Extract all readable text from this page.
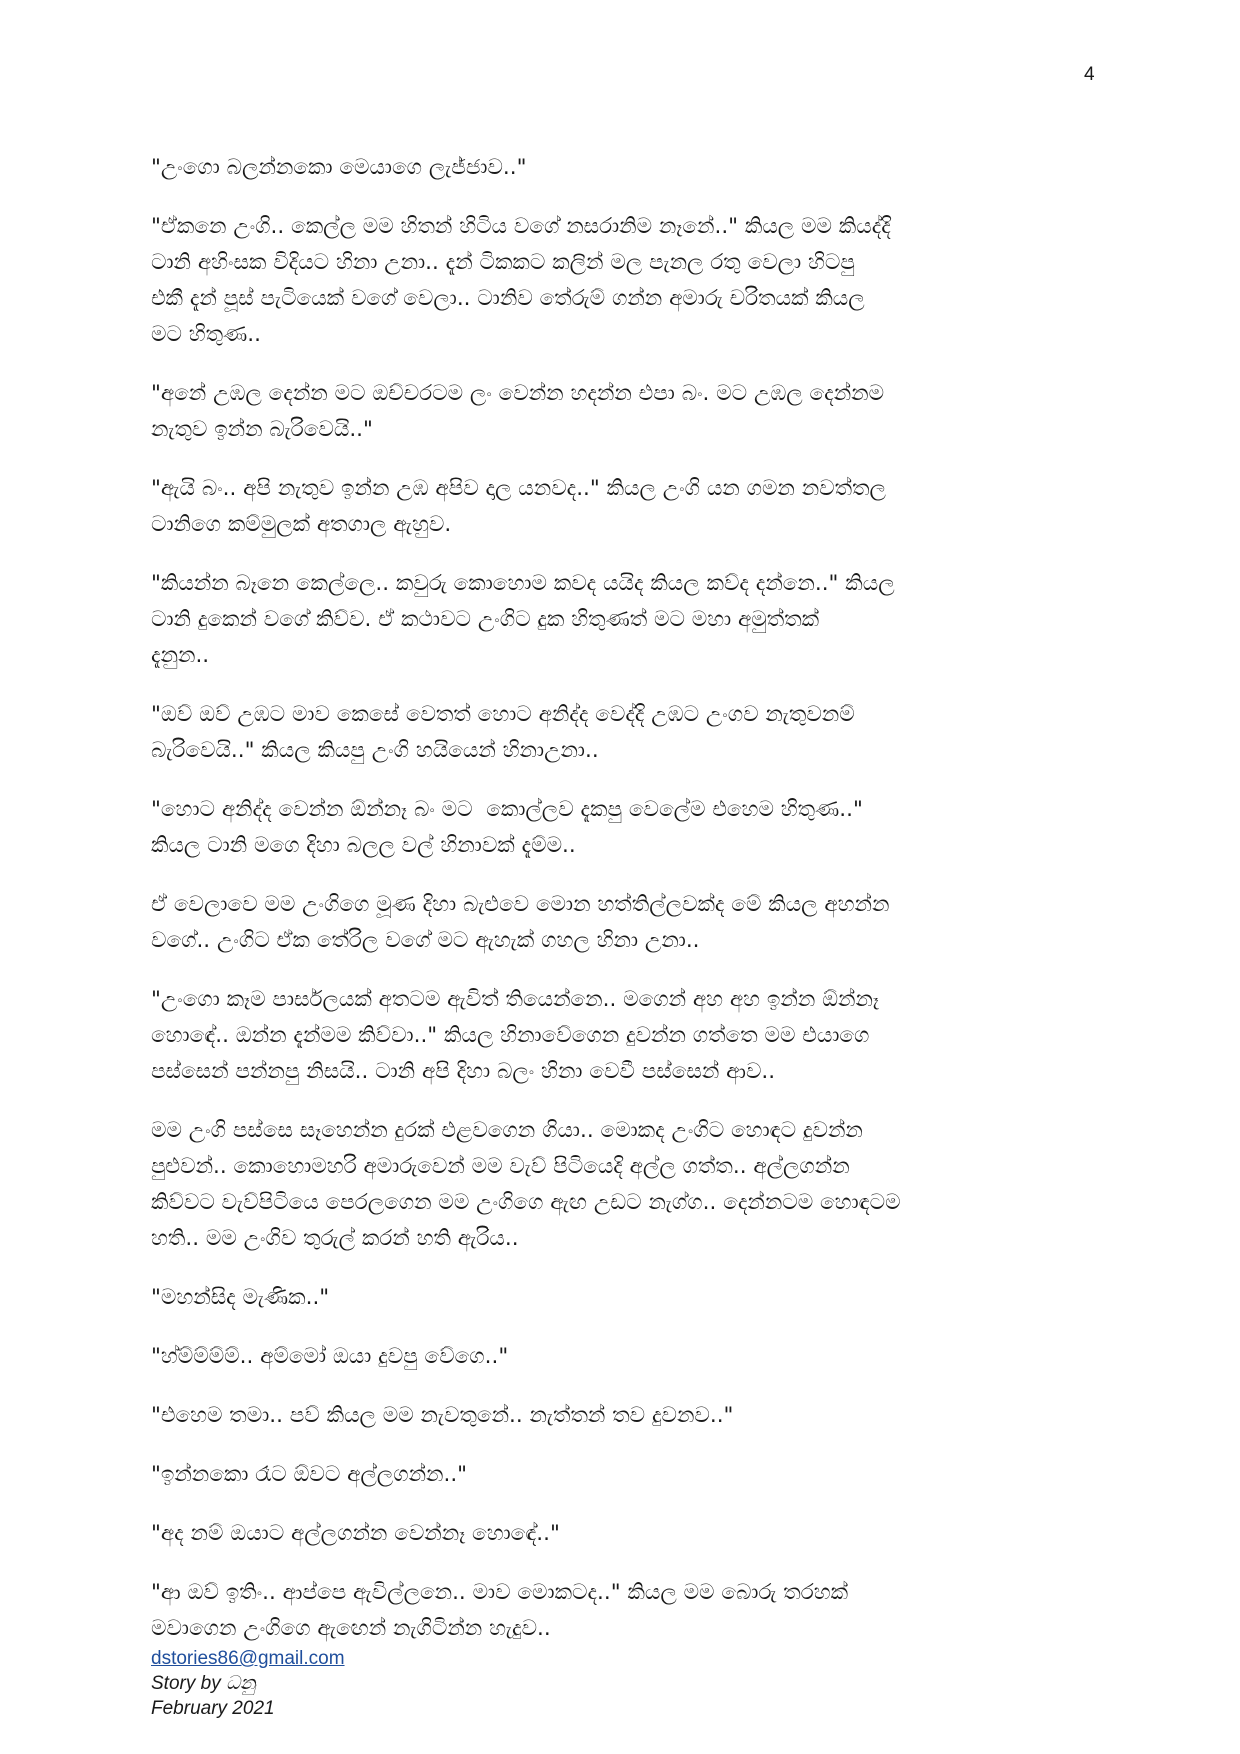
4

"උංගො බලන්නකො මෙයාගෙ ලැජ්ජාව.."

"ඒකනෙ උංගි.. කෙල්ල මම හිතන් හිටිය වගේ නසරානිම නෑනේ.." කියල මම කියද්දි
ටානි අහිංසක විදියට හිනා උනා.. දැන් ටිකකට කලින් මල පැනල රතු වෙලා හිටපු
එකී දැන් පූස් පැටියෙක් වගේ වෙලා.. ටානිව තේරුම් ගන්න අමාරු චරිතයක් කියල
මට හිතුණ..

"අනේ උඹල දෙන්න මට ඔච්චරටම ලං වෙන්න හදන්න එපා බං. මට උඹල දෙන්නම
නැතුව ඉන්න බැරිවෙයි.."

"ඇයි බං.. අපි නැතුව ඉන්න උඹ අපිව දාල යනවද.." කියල උංගි යන ගමන නවත්තල
ටානිගෙ කම්මුලක් අතගාල ඇහුව.

"කියන්න බෑනෙ කෙල්ලෙ.. කවුරු කොහොම කවද යයිද කියල කව්ද දන්නෙ.." කියල
ටානි දුකෙන් වගේ කිව්ව. ඒ කථාවට උංගිට දුක හිතුණත් මට මහා අමුත්තක්
දැනුන..

"ඔව් ඔව් උඹට මාව කෙසේ වෙතත් හොට අනිද්ද වෙද්දි උඹට උංගව නැතුවනම්
බැරිවෙයි.." කියල කියපු උංගි හයියෙන් හිනාඋනා..

"හොට අනිද්ද වෙන්න ඕන්නෑ බං මට  කොල්ලව දැකපු වෙලේම එහෙම හිතුණ.."
කියල ටානි මගෙ දිහා බලල වල් හිනාවක් දැම්ම..

ඒ වෙලාවෙ මම උංගිගෙ මූණ දිහා බැළුවෙ මොන හත්තිල්ලවක්ද මේ කියල අහන්න
වගේ.. උංගිට ඒක තේරිල වගේ මට ඇහැක් ගහල හිනා උනා..

"උංගො කෑම පාර්සලයක් අතටම ඇවිත් තියෙන්නෙ.. මගෙන් අහ අහ ඉන්න ඕන්නෑ
හොඳේ.. ඔන්න දැන්මම කිව්වා.." කියල හිනාවේගෙන දුවන්න ගත්තෙ මම එයාගෙ
පස්සෙන් පන්නපු නිසයි.. ටානි අපි දිහා බලං හිනා වෙවී පස්සෙන් ආව..

මම උංගි පස්සෙ සෑහෙන්න දුරක් එළවගෙන ගියා.. මොකද උංගිට හොඳට දුවන්න
පුළුවන්.. කොහොමහරි අමාරුවෙන් මම වැව් පිටියෙදි අල්ල ගත්ත.. අල්ලගන්න
කිව්වට වැව්පිටියෙ පෙරලගෙන මම උංගිගෙ ඇඟ උඩට නැග්ග.. දෙන්නටම හොඳටම
හති.. මම උංගිව තුරුල් කරන් හති ඇරිය..

"මහන්සිද මැණික.."

"හ්ම්ම්ම්ම්.. අම්මෝ ඔයා දුවපු වේගෙ.."

"එහෙම තමා.. පව් කියල මම නැවතුනේ.. නැත්තන් තව දුවනව.."

"ඉන්නකො රෑට ඕවට අල්ලගන්න.."

"අද නම් ඔයාට අල්ලගන්න වෙන්නෑ හොඳේ.."

"ආ ඔව් ඉතිං.. ආප්පෙ ඇවිල්ලනෙ.. මාව මොකටද.." කියල මම බොරු තරහක්
මවාගෙන උංගිගෙ ඇඟෙන් නැගිටින්න හැදුව..

dstories86@gmail.com
Story by ධනු
February 2021
